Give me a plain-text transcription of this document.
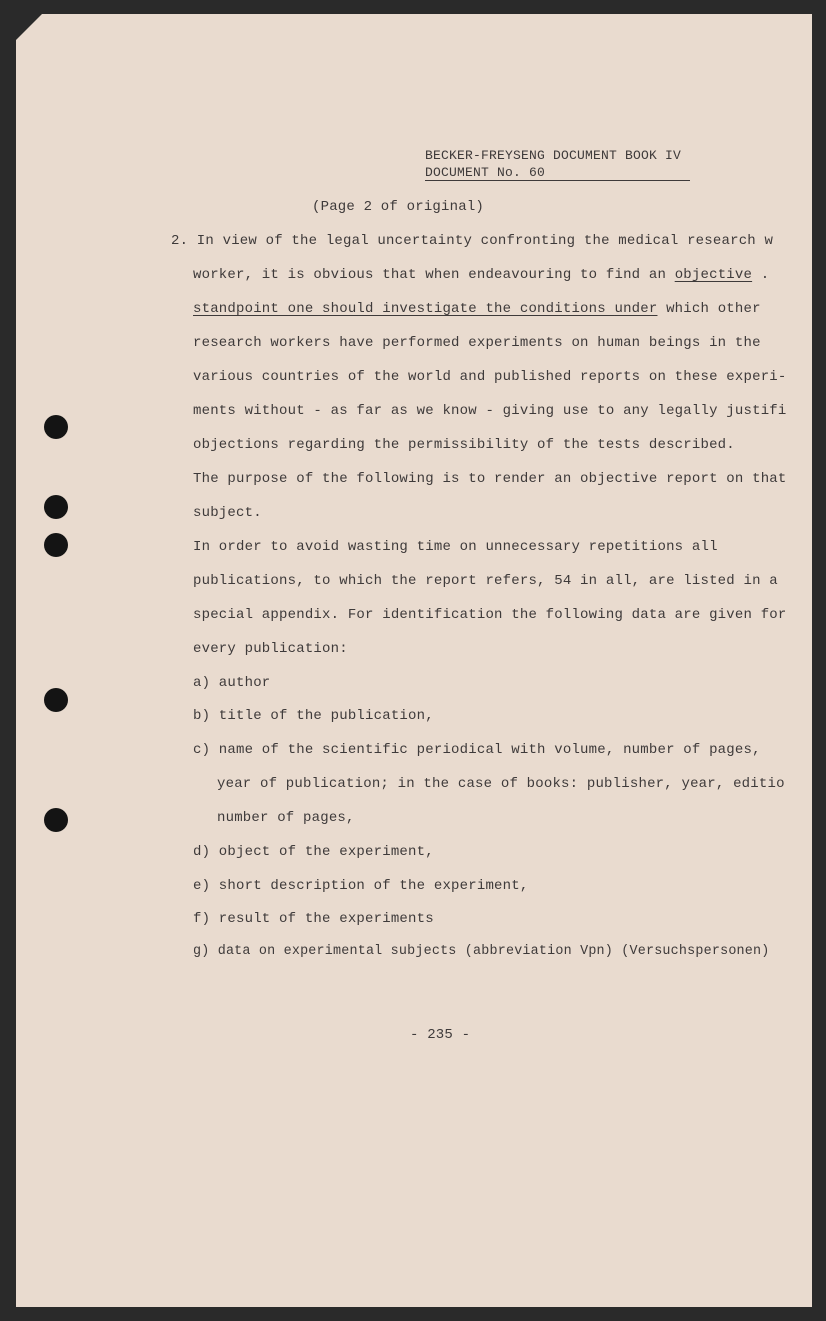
BECKER-FREYSENG DOCUMENT BOOK IV
DOCUMENT No. 60
(Page 2 of original)
2. In view of the legal uncertainty confronting the medical research w
worker, it is obvious that when endeavouring to find an objective .
standpoint one should investigate the conditions under which other
research workers have performed experiments on human beings in the
various countries of the world and published reports on these experi-
ments without - as far as we know - giving use to any legally justifi
objections regarding the permissibility of the tests described.
The purpose of the following is to render an objective report on that
subject.
In order to avoid wasting time on unnecessary repetitions all
publications, to which the report refers, 54 in all, are listed in a
special appendix. For identification the following data are given for
every publication:
a) author
b) title of the publication,
c) name of the scientific periodical with volume, number of pages,
year of publication; in the case of books: publisher, year, editio
number of pages,
d) object of the experiment,
e) short description of the experiment,
f) result of the experiments
g) data on experimental subjects (abbreviation Vpn) (Versuchspersonen)
- 235 -
